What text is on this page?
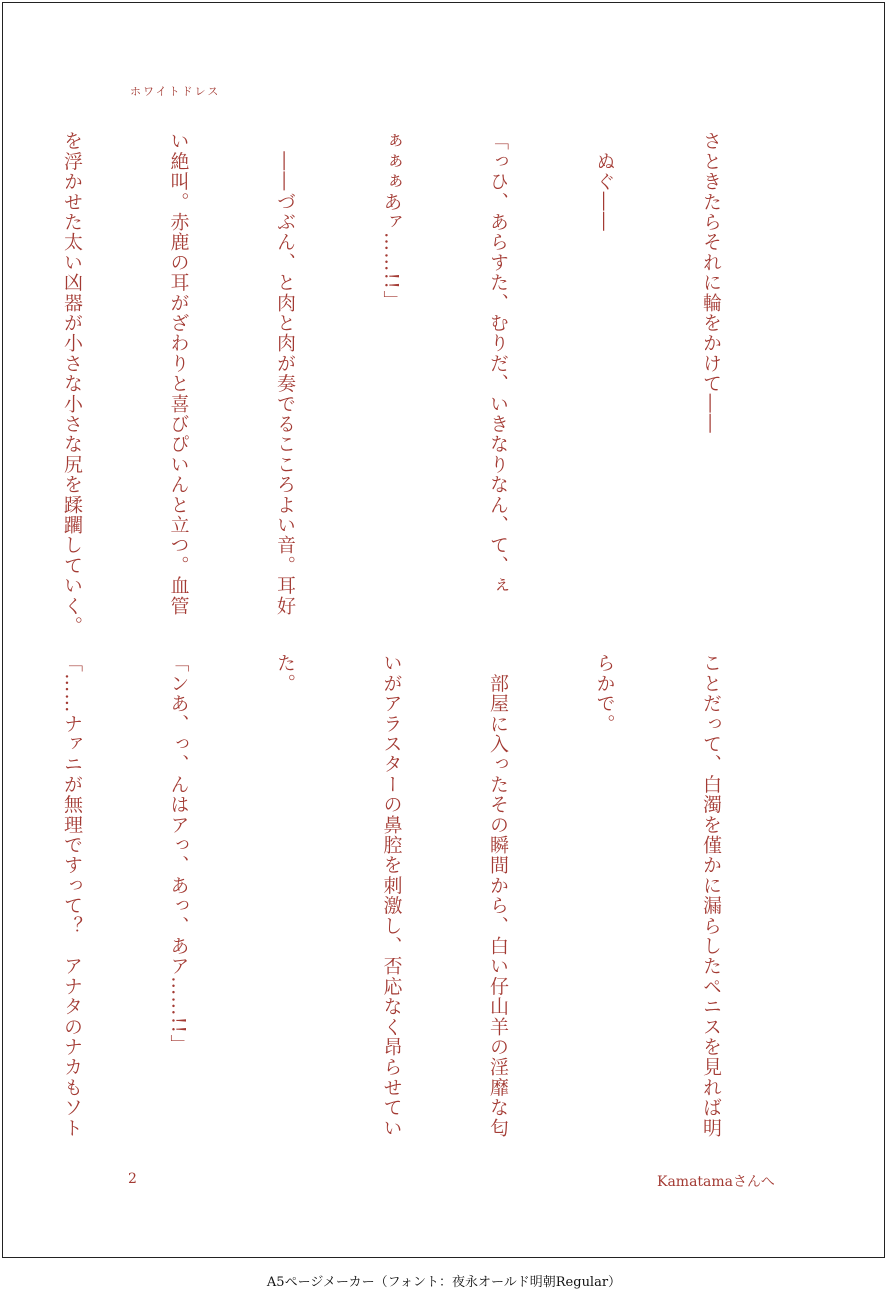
ホワイトドレス

さときたらそれに輪をかけて――

　ぬぐ――

「っひ、あらすた、むりだ、いきなりなん、て、ぇ

ぁぁぁあァ……!!」

　――づぶん、と肉と肉が奏でるこころよい音。耳好

い絶叫。赤鹿の耳がざわりと喜びぴいんと立つ。血管

を浮かせた太い凶器が小さな小さな尻を蹂躙していく。

ことだって、白濁を僅かに漏らしたペニスを見れば明

らかで。

　部屋に入ったその瞬間から、白い仔山羊の淫靡な匂

いがアラスターの鼻腔を刺激し、否応なく昂らせてい

た。

「ンあ、っ、んはアっ、あっ、あア……!!」

「……ナァニが無理ですって？　アナタのナカもソト

2	Kamatamaさんへ
A5ページメーカー（フォント：夜永オールド明朝Regular）
